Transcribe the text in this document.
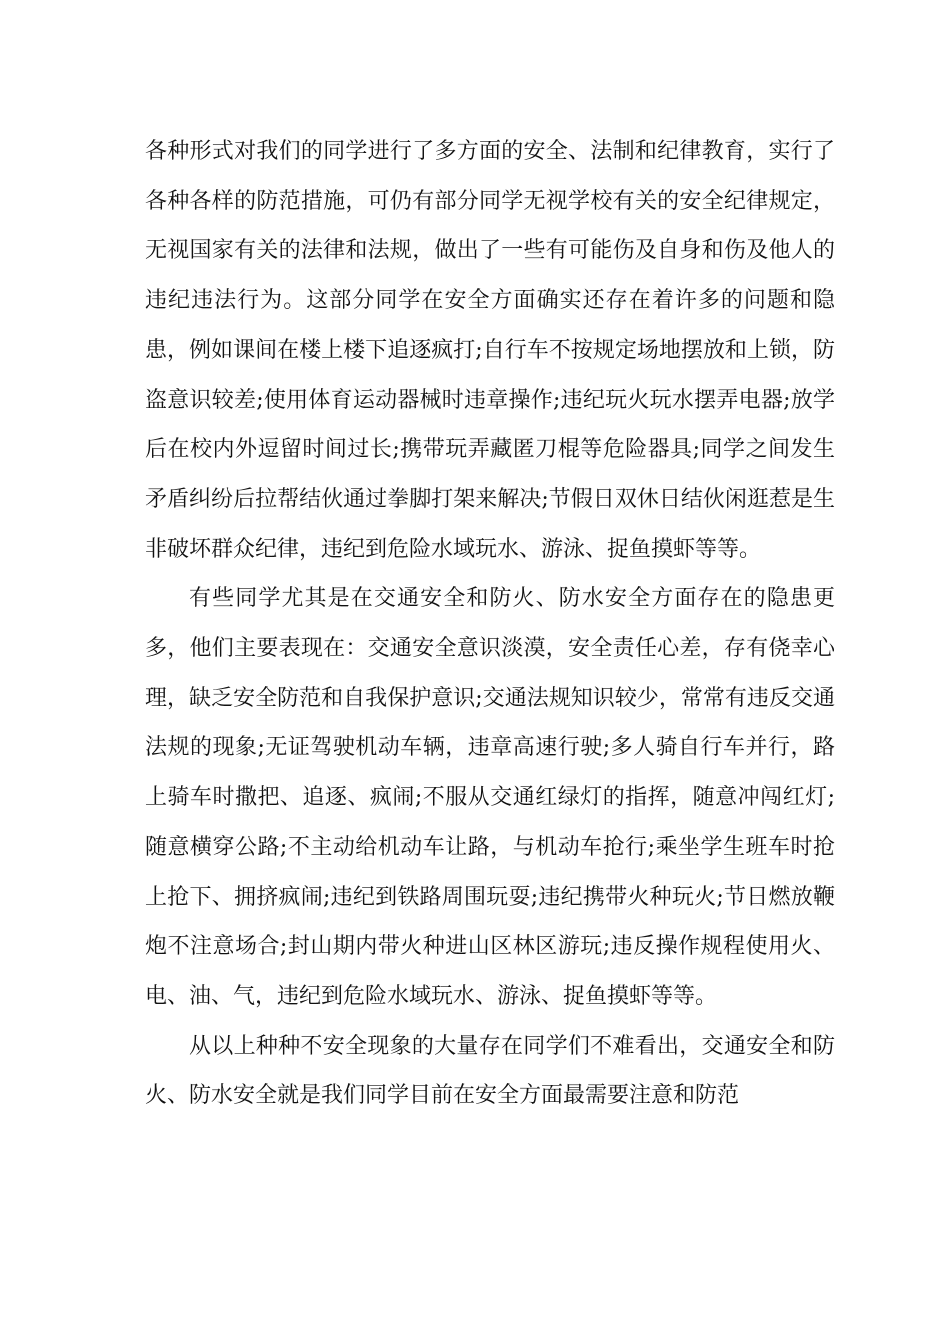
各种形式对我们的同学进行了多方面的安全、法制和纪律教育，实行了各种各样的防范措施，可仍有部分同学无视学校有关的安全纪律规定，无视国家有关的法律和法规，做出了一些有可能伤及自身和伤及他人的违纪违法行为。这部分同学在安全方面确实还存在着许多的问题和隐患，例如课间在楼上楼下追逐疯打;自行车不按规定场地摆放和上锁，防盗意识较差;使用体育运动器械时违章操作;违纪玩火玩水摆弄电器;放学后在校内外逗留时间过长;携带玩弄藏匿刀棍等危险器具;同学之间发生矛盾纠纷后拉帮结伙通过拳脚打架来解决;节假日双休日结伙闲逛惹是生非破坏群众纪律，违纪到危险水域玩水、游泳、捉鱼摸虾等等。

有些同学尤其是在交通安全和防火、防水安全方面存在的隐患更多，他们主要表现在：交通安全意识淡漠，安全责任心差，存有侥幸心理，缺乏安全防范和自我保护意识;交通法规知识较少，常常有违反交通法规的现象;无证驾驶机动车辆，违章高速行驶;多人骑自行车并行，路上骑车时撒把、追逐、疯闹;不服从交通红绿灯的指挥，随意冲闯红灯;随意横穿公路;不主动给机动车让路，与机动车抢行;乘坐学生班车时抢上抢下、拥挤疯闹;违纪到铁路周围玩耍;违纪携带火种玩火;节日燃放鞭炮不注意场合;封山期内带火种进山区林区游玩;违反操作规程使用火、电、油、气，违纪到危险水域玩水、游泳、捉鱼摸虾等等。

从以上种种不安全现象的大量存在同学们不难看出，交通安全和防火、防水安全就是我们同学目前在安全方面最需要注意和防范
